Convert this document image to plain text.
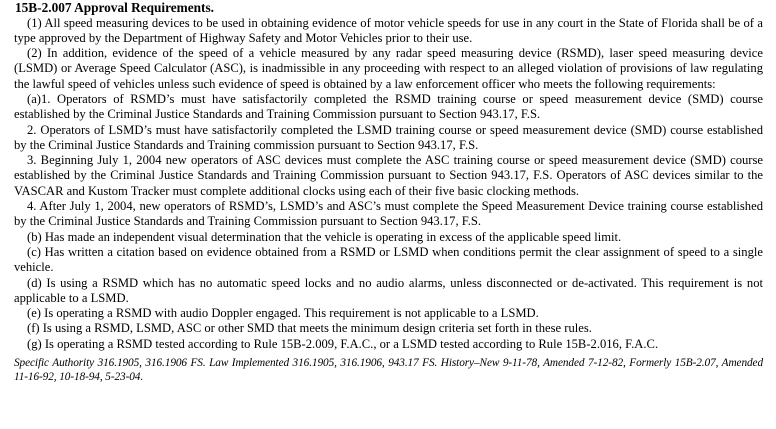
15B-2.007 Approval Requirements.

(1) All speed measuring devices to be used in obtaining evidence of motor vehicle speeds for use in any court in the State of Florida shall be of a type approved by the Department of Highway Safety and Motor Vehicles prior to their use.

(2) In addition, evidence of the speed of a vehicle measured by any radar speed measuring device (RSMD), laser speed measuring device (LSMD) or Average Speed Calculator (ASC), is inadmissible in any proceeding with respect to an alleged violation of provisions of law regulating the lawful speed of vehicles unless such evidence of speed is obtained by a law enforcement officer who meets the following requirements:

(a)1. Operators of RSMD’s must have satisfactorily completed the RSMD training course or speed measurement device (SMD) course established by the Criminal Justice Standards and Training Commission pursuant to Section 943.17, F.S.

2. Operators of LSMD’s must have satisfactorily completed the LSMD training course or speed measurement device (SMD) course established by the Criminal Justice Standards and Training commission pursuant to Section 943.17, F.S.

3. Beginning July 1, 2004 new operators of ASC devices must complete the ASC training course or speed measurement device (SMD) course established by the Criminal Justice Standards and Training Commission pursuant to Section 943.17, F.S. Operators of ASC devices similar to the VASCAR and Kustom Tracker must complete additional clocks using each of their five basic clocking methods.

4. After July 1, 2004, new operators of RSMD’s, LSMD’s and ASC’s must complete the Speed Measurement Device training course established by the Criminal Justice Standards and Training Commission pursuant to Section 943.17, F.S.

(b) Has made an independent visual determination that the vehicle is operating in excess of the applicable speed limit.

(c) Has written a citation based on evidence obtained from a RSMD or LSMD when conditions permit the clear assignment of speed to a single vehicle.

(d) Is using a RSMD which has no automatic speed locks and no audio alarms, unless disconnected or de-activated. This requirement is not applicable to a LSMD.

(e) Is operating a RSMD with audio Doppler engaged. This requirement is not applicable to a LSMD.

(f) Is using a RSMD, LSMD, ASC or other SMD that meets the minimum design criteria set forth in these rules.

(g) Is operating a RSMD tested according to Rule 15B-2.009, F.A.C., or a LSMD tested according to Rule 15B-2.016, F.A.C.

Specific Authority 316.1905, 316.1906 FS. Law Implemented 316.1905, 316.1906, 943.17 FS. History–New 9-11-78, Amended 7-12-82, Formerly 15B-2.07, Amended 11-16-92, 10-18-94, 5-23-04.
